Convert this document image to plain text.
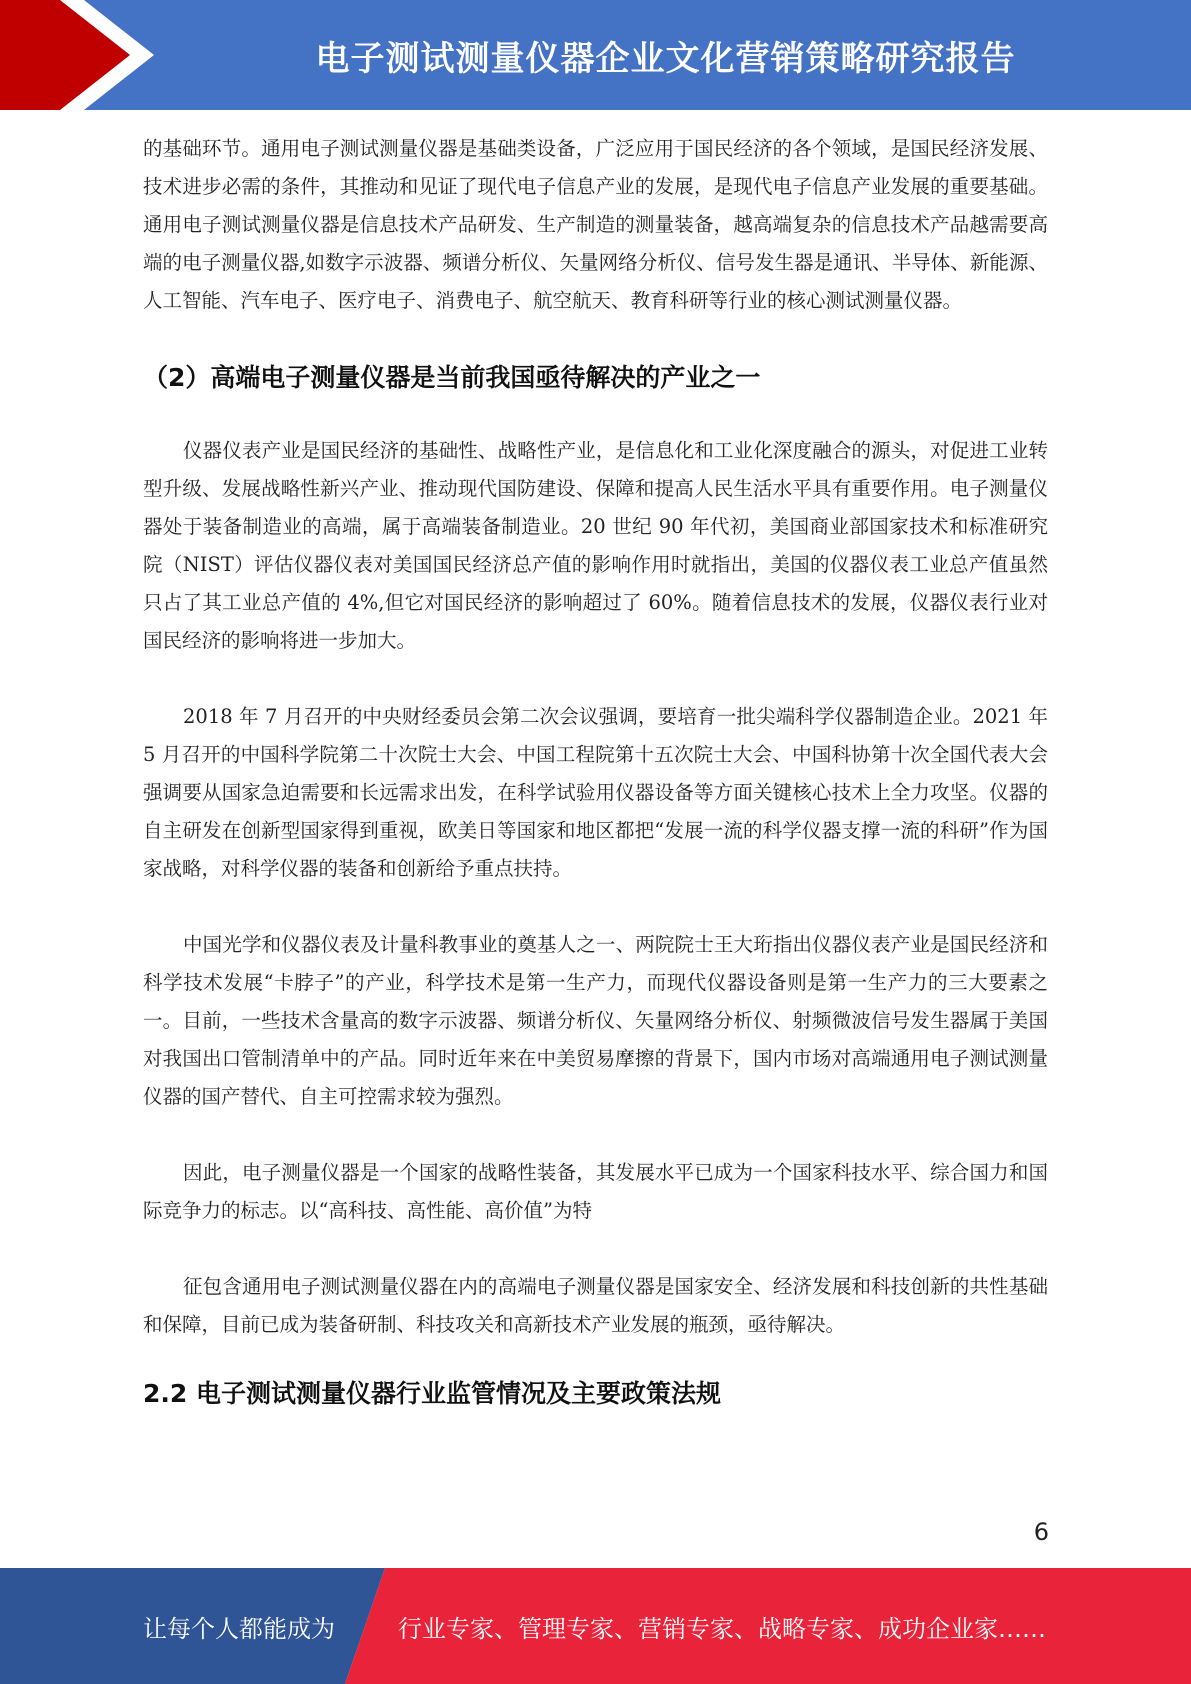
电子测试测量仪器企业文化营销策略研究报告

的基础环节。通用电子测试测量仪器是基础类设备，广泛应用于国民经济的各个领域，是国民经济发展、技术进步必需的条件，其推动和见证了现代电子信息产业的发展，是现代电子信息产业发展的重要基础。通用电子测试测量仪器是信息技术产品研发、生产制造的测量装备，越高端复杂的信息技术产品越需要高端的电子测量仪器,如数字示波器、频谱分析仪、矢量网络分析仪、信号发生器是通讯、半导体、新能源、人工智能、汽车电子、医疗电子、消费电子、航空航天、教育科研等行业的核心测试测量仪器。

（2）高端电子测量仪器是当前我国亟待解决的产业之一

仪器仪表产业是国民经济的基础性、战略性产业，是信息化和工业化深度融合的源头，对促进工业转型升级、发展战略性新兴产业、推动现代国防建设、保障和提高人民生活水平具有重要作用。电子测量仪器处于装备制造业的高端，属于高端装备制造业。20 世纪 90 年代初，美国商业部国家技术和标准研究院（NIST）评估仪器仪表对美国国民经济总产值的影响作用时就指出，美国的仪器仪表工业总产值虽然只占了其工业总产值的 4%,但它对国民经济的影响超过了 60%。随着信息技术的发展，仪器仪表行业对国民经济的影响将进一步加大。

2018 年 7 月召开的中央财经委员会第二次会议强调，要培育一批尖端科学仪器制造企业。2021 年 5 月召开的中国科学院第二十次院士大会、中国工程院第十五次院士大会、中国科协第十次全国代表大会强调要从国家急迫需要和长远需求出发，在科学试验用仪器设备等方面关键核心技术上全力攻坚。仪器的自主研发在创新型国家得到重视，欧美日等国家和地区都把“发展一流的科学仪器支撑一流的科研”作为国家战略，对科学仪器的装备和创新给予重点扶持。

中国光学和仪器仪表及计量科教事业的奠基人之一、两院院士王大珩指出仪器仪表产业是国民经济和科学技术发展“卡脖子”的产业，科学技术是第一生产力，而现代仪器设备则是第一生产力的三大要素之一。目前，一些技术含量高的数字示波器、频谱分析仪、矢量网络分析仪、射频微波信号发生器属于美国对我国出口管制清单中的产品。同时近年来在中美贸易摩擦的背景下，国内市场对高端通用电子测试测量仪器的国产替代、自主可控需求较为强烈。

因此，电子测量仪器是一个国家的战略性装备，其发展水平已成为一个国家科技水平、综合国力和国际竞争力的标志。以“高科技、高性能、高价值”为特

征包含通用电子测试测量仪器在内的高端电子测量仪器是国家安全、经济发展和科技创新的共性基础和保障，目前已成为装备研制、科技攻关和高新技术产业发展的瓶颈，亟待解决。

2.2 电子测试测量仪器行业监管情况及主要政策法规
6
让每个人都能成为	行业专家、管理专家、营销专家、战略专家、成功企业家……
